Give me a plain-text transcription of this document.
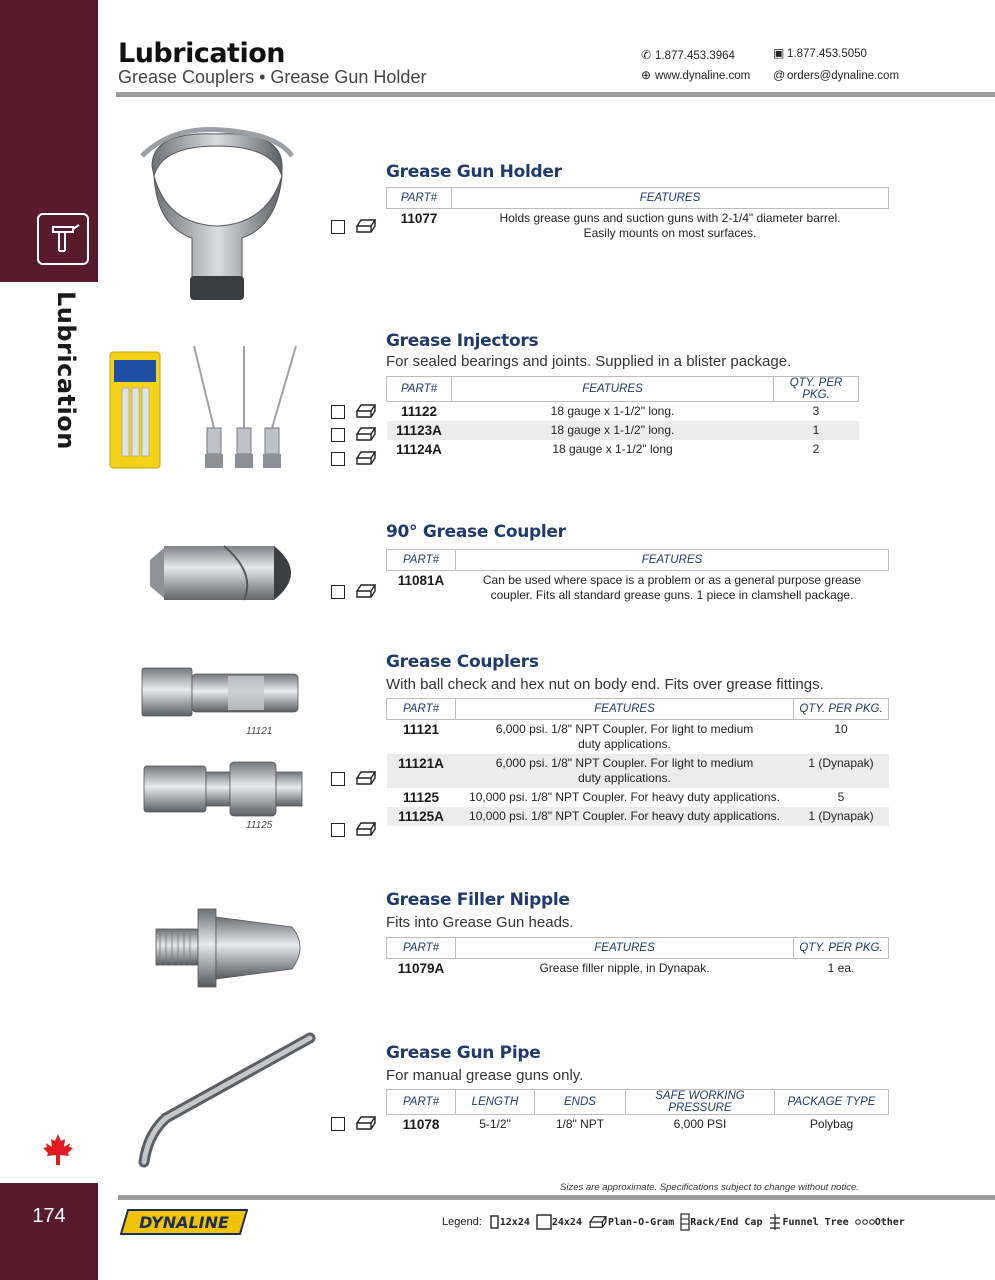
Lubrication
174
Lubrication
Grease Couplers • Grease Gun Holder
✆ 1.877.453.3964	▣ 1.877.453.5050
⊕ www.dynaline.com @ orders@dynaline.com
Grease Gun Holder
PART#	FEATURES
11077	Holds grease guns and suction guns with 2-1/4" diameter barrel.
Easily mounts on most surfaces.
Grease Injectors
For sealed bearings and joints. Supplied in a blister package.
PART#	FEATURES	QTY. PER PKG.
11122	18 gauge x 1-1/2" long.	3
11123A	18 gauge x 1-1/2" long.	1
11124A	18 gauge x 1-1/2" long	2
90° Grease Coupler
PART#	FEATURES
11081A	Can be used where space is a problem or as a general purpose grease
coupler. Fits all standard grease guns. 1 piece in clamshell package.
11121
11125
Grease Couplers
With ball check and hex nut on body end. Fits over grease fittings.
PART#	FEATURES	QTY. PER PKG.
11121	6,000 psi. 1/8" NPT Coupler. For light to medium
duty applications.	10
11121A	6,000 psi. 1/8" NPT Coupler. For light to medium
duty applications.	1 (Dynapak)
11125	10,000 psi. 1/8" NPT Coupler. For heavy duty applications.	5
11125A	10,000 psi. 1/8" NPT Coupler. For heavy duty applications.	1 (Dynapak)
Grease Filler Nipple
Fits into Grease Gun heads.
PART#	FEATURES	QTY. PER PKG.
11079A	Grease filler nipple, in Dynapak.	1 ea.
Grease Gun Pipe
For manual grease guns only.
PART#	LENGTH	ENDS	SAFE WORKING PRESSURE	PACKAGE TYPE
11078	5-1/2"	1/8" NPT	6,000 PSI	Polybag
Sizes are approximate. Specifications subject to change without notice.
DYNALINE	Legend: 12x24 24x24	Plan-O-Gram Rack/End Cap Funnel Tree	Other
